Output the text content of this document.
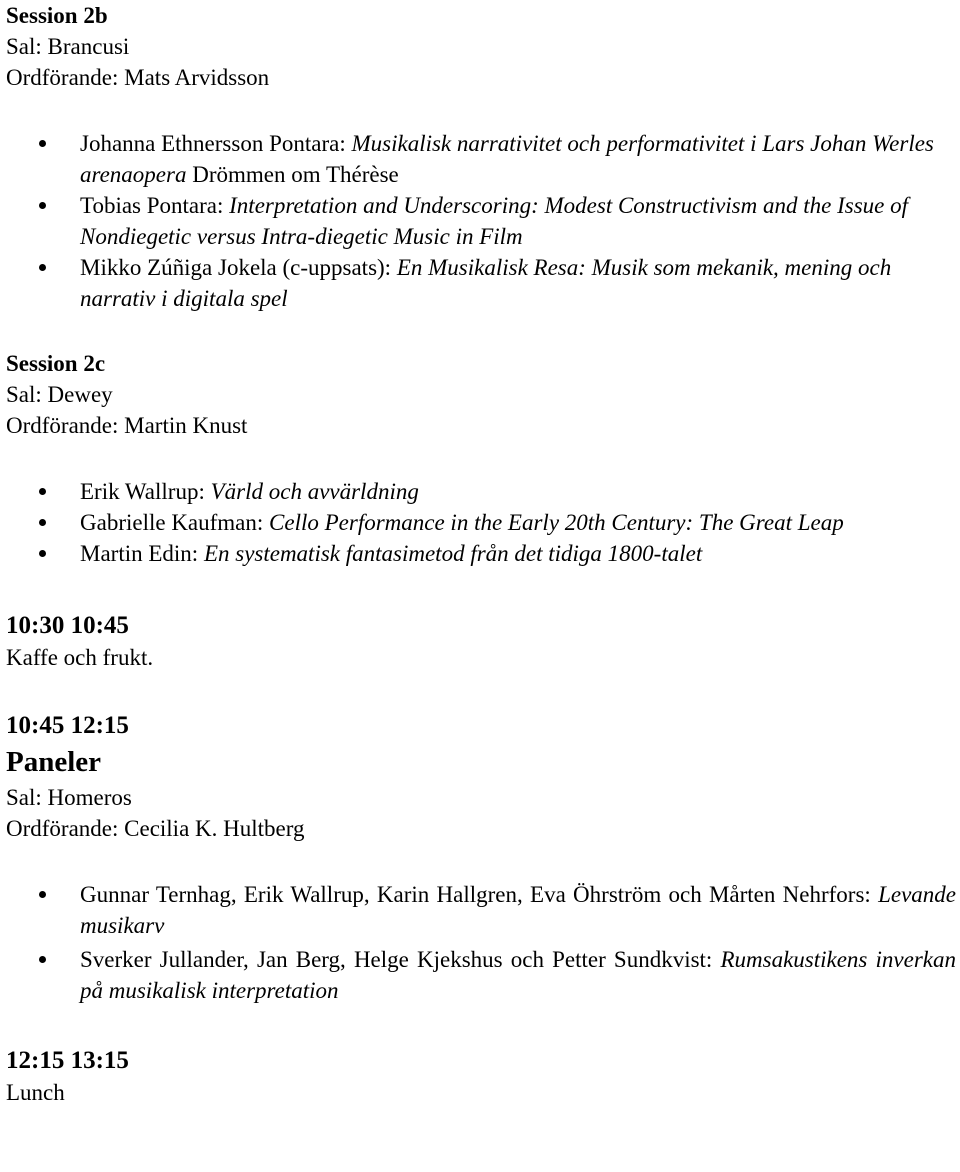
Session 2b
Sal: Brancusi
Ordförande: Mats Arvidsson
Johanna Ethnersson Pontara: Musikalisk narrativitet och performativitet i Lars Johan Werles arenaopera Drömmen om Thérèse
Tobias Pontara: Interpretation and Underscoring: Modest Constructivism and the Issue of Nondiegetic versus Intra-diegetic Music in Film
Mikko Zúñiga Jokela (c-uppsats): En Musikalisk Resa: Musik som mekanik, mening och narrativ i digitala spel
Session 2c
Sal: Dewey
Ordförande: Martin Knust
Erik Wallrup: Värld och avvärldning
Gabrielle Kaufman: Cello Performance in the Early 20th Century: The Great Leap
Martin Edin: En systematisk fantasimetod från det tidiga 1800-talet
10:30 10:45
Kaffe och frukt.
10:45 12:15
Paneler
Sal: Homeros
Ordförande: Cecilia K. Hultberg
Gunnar Ternhag, Erik Wallrup, Karin Hallgren, Eva Öhrström och Mårten Nehrfors: Levande musikarv
Sverker Jullander, Jan Berg, Helge Kjekshus och Petter Sundkvist: Rumsakustikens inverkan på musikalisk interpretation
12:15 13:15
Lunch
